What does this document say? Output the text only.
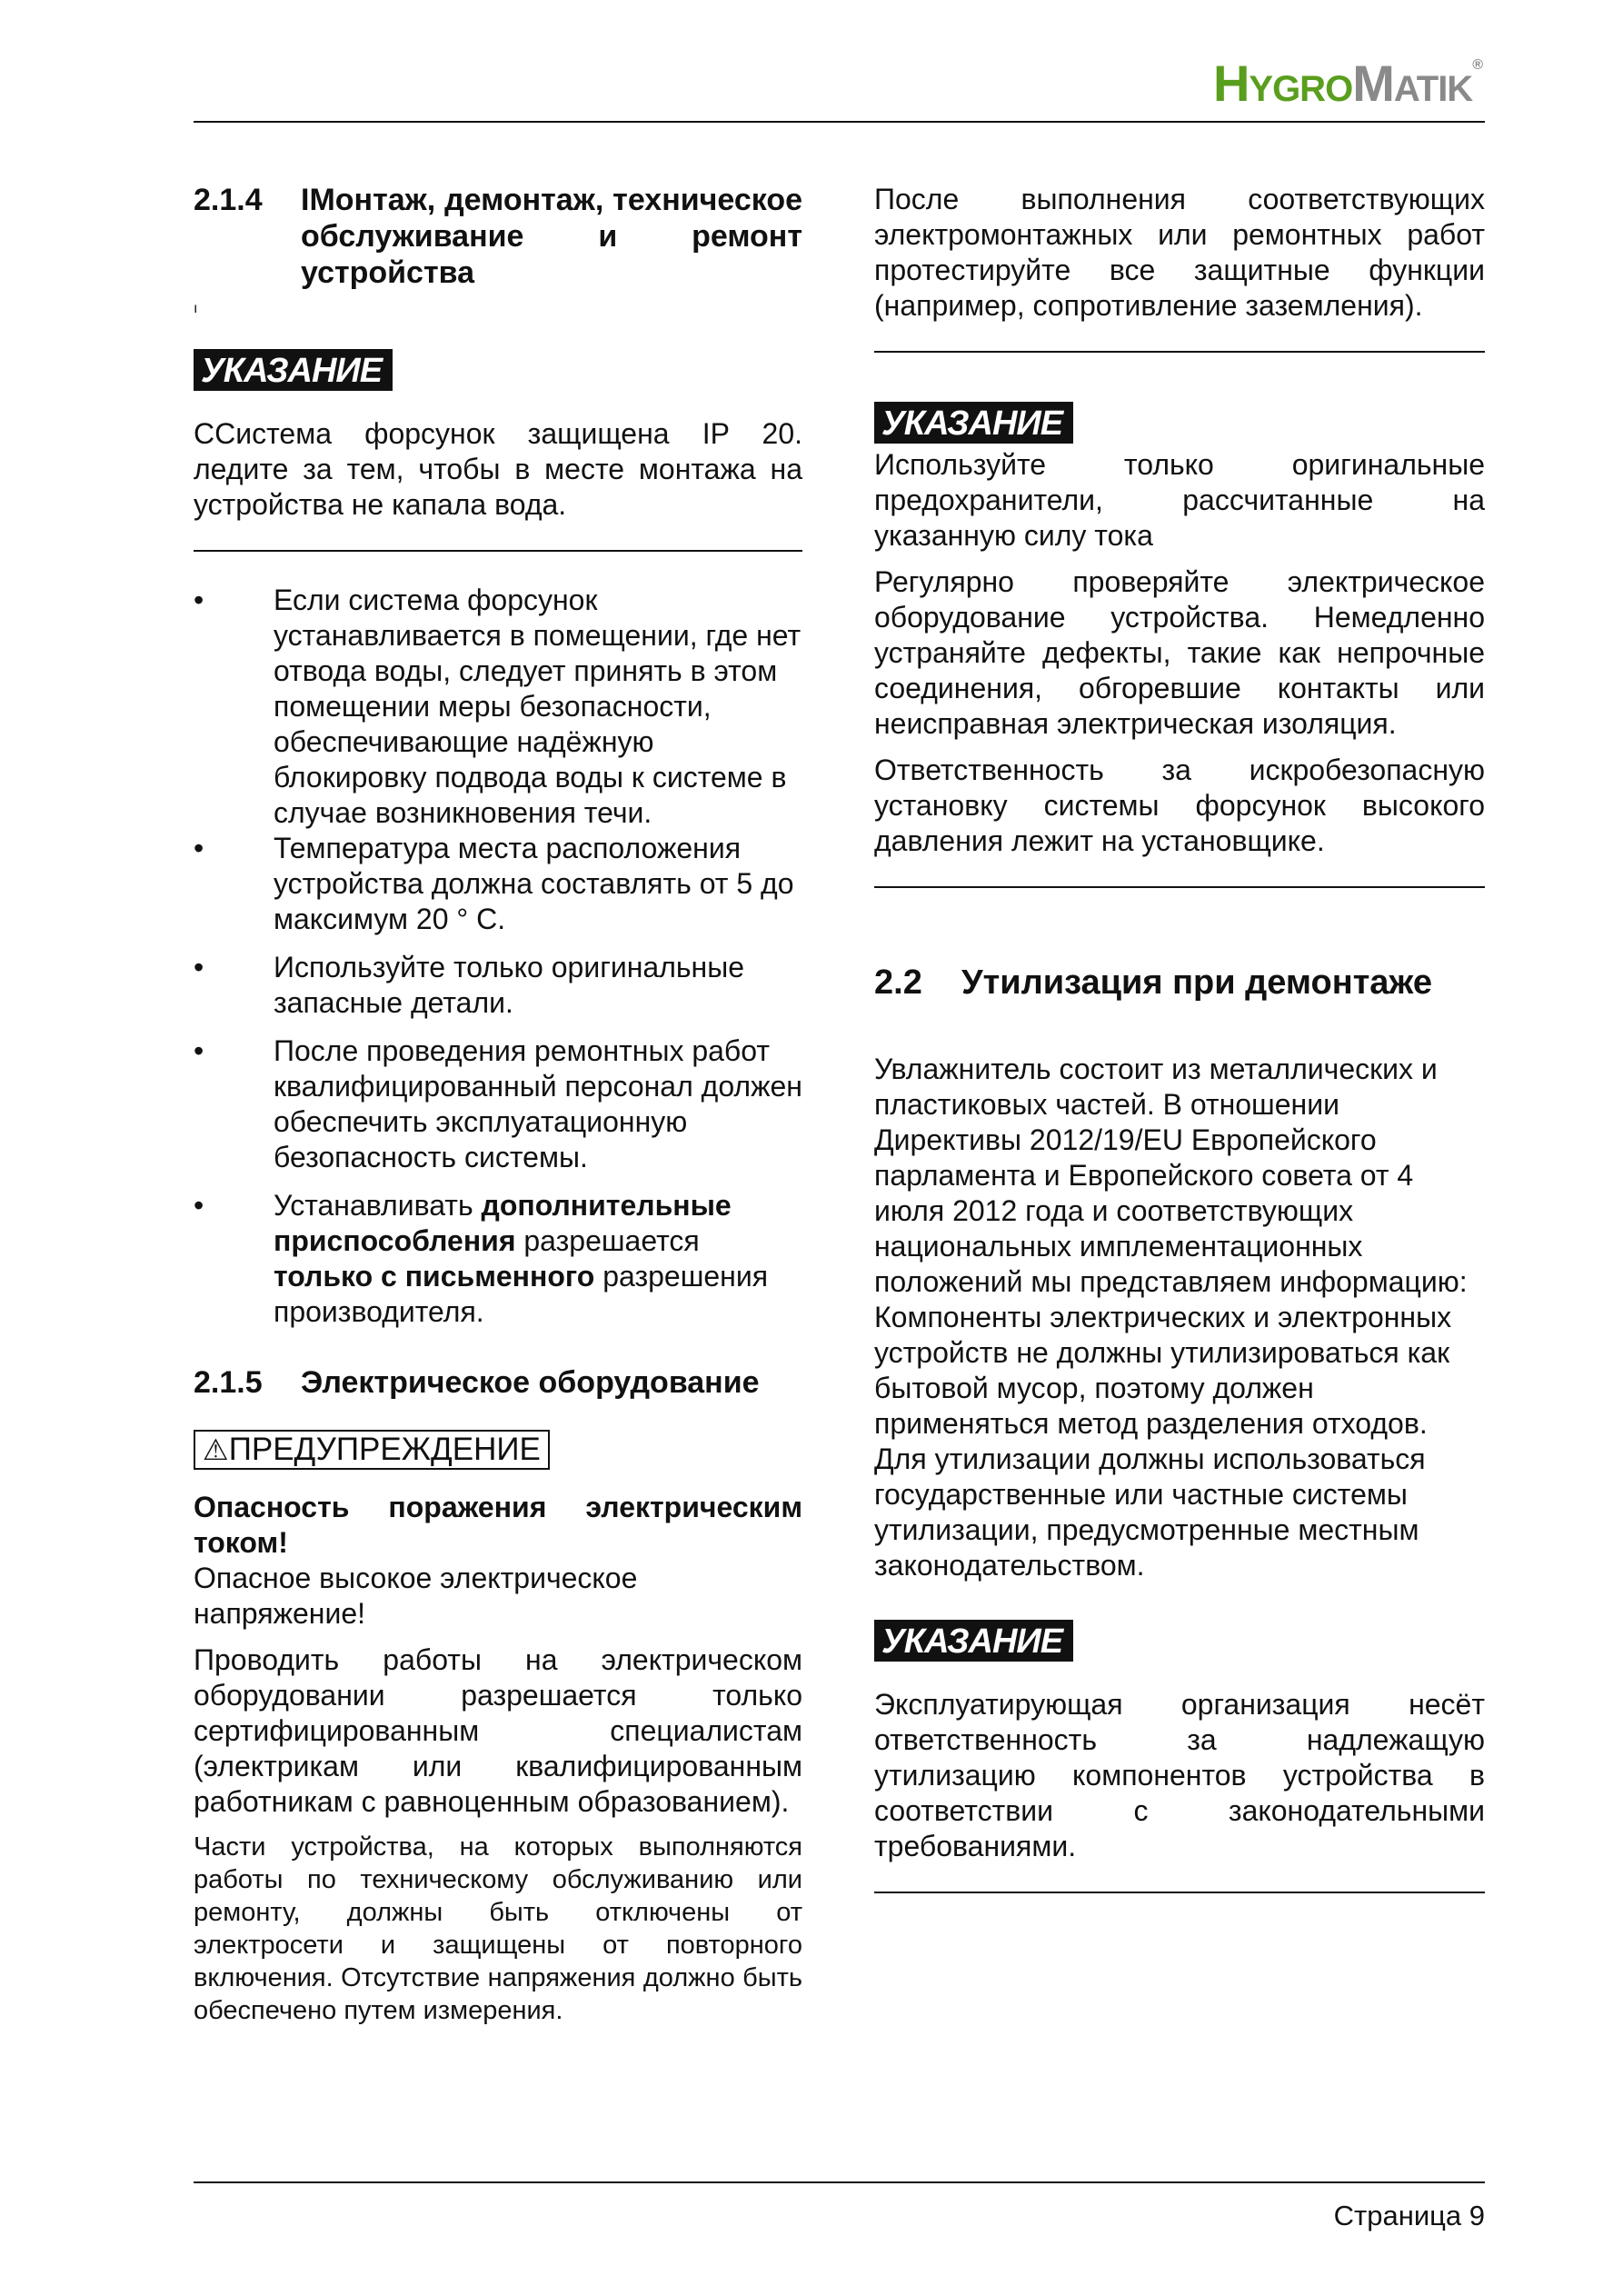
HYGROMATIK®
2.1.4	IМонтаж, демонтаж, техническое обслуживание и ремонт устройства
ı
УКАЗАНИЕ

ССистема форсунок защищена IP 20. ледите за тем, чтобы в месте монтажа на устройства не капала вода.

• Если система форсунок устанавливается в помещении, где нет отвода воды, следует принять в этом помещении меры безопасности, обеспечивающие надёжную блокировку подвода воды к системе в случае возникновения течи.
• Температура места расположения устройства должна составлять от 5 до максимум 20 ° С.
• Используйте только оригинальные запасные детали.
• После проведения ремонтных работ квалифицированный персонал должен обеспечить эксплуатационную безопасность системы.
• Устанавливать дополнительные приспособления разрешается только с письменного разрешения производителя.
2.1.5	Электрическое оборудование
⚠ПРЕДУПРЕЖДЕНИЕ

Опасность поражения электрическим током!

Опасное высокое электрическое напряжение!

Проводить работы на электрическом оборудовании разрешается только сертифицированным специалистам (электрикам или квалифицированным работникам с равноценным образованием).

Части устройства, на которых выполняются работы по техническому обслуживанию или ремонту, должны быть отключены от электросети и защищены от повторного включения. Отсутствие напряжения должно быть обеспечено путем измерения.

После выполнения соответствующих электромонтажных или ремонтных работ протестируйте все защитные функции (например, сопротивление заземления).

УКАЗАНИЕ

Используйте только оригинальные предохранители, рассчитанные на указанную силу тока

Регулярно проверяйте электрическое оборудование устройства. Немедленно устраняйте дефекты, такие как непрочные соединения, обгоревшие контакты или неисправная электрическая изоляция.

Ответственность за искробезопасную установку системы форсунок высокого давления лежит на установщике.

2.2	Утилизация при демонтаже

Увлажнитель состоит из металлических и пластиковых частей. В отношении Директивы 2012/19/EU Европейского парламента и Европейского совета от 4 июля 2012 года и соответствующих национальных имплементационных положений мы представляем информацию:

Компоненты электрических и электронных устройств не должны утилизироваться как бытовой мусор, поэтому должен применяться метод разделения отходов. Для утилизации должны использоваться государственные или частные системы утилизации, предусмотренные местным законодательством.

УКАЗАНИЕ

Эксплуатирующая организация несёт ответственность за надлежащую утилизацию компонентов устройства в соответствии с законодательными требованиями.

Страница 9
